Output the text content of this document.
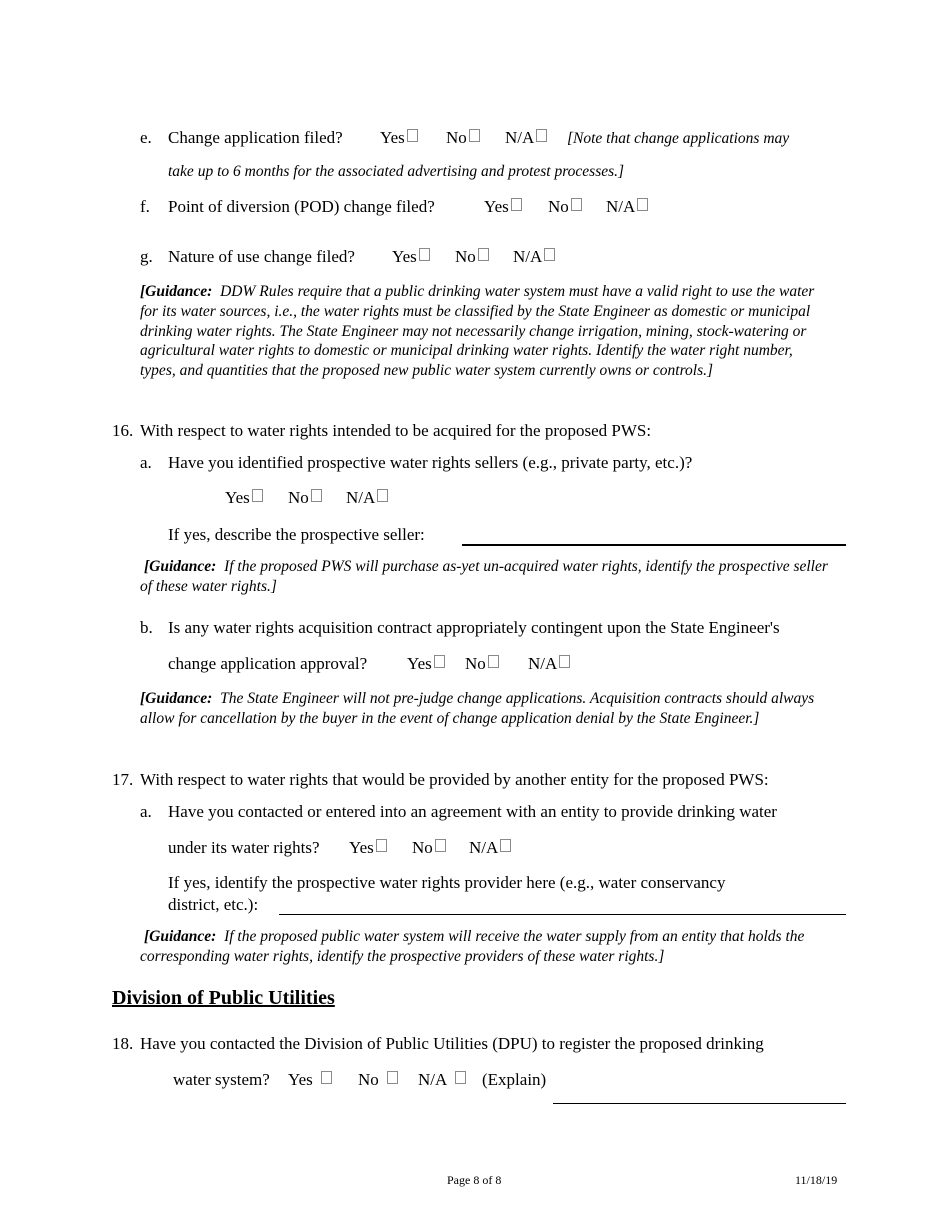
e. Change application filed? Yes	No	N/A	[Note that change applications may
take up to 6 months for the associated advertising and protest processes.]
f. Point of diversion (POD) change filed?	Yes	No	N/A
g. Nature of use change filed? Yes	No	N/A
[Guidance: DDW Rules require that a public drinking water system must have a valid right to use the water for its water sources, i.e., the water rights must be classified by the State Engineer as domestic or municipal drinking water rights. The State Engineer may not necessarily change irrigation, mining, stock-watering or agricultural water rights to domestic or municipal drinking water rights. Identify the water right number, types, and quantities that the proposed new public water system currently owns or controls.]
16. With respect to water rights intended to be acquired for the proposed PWS:
a. Have you identified prospective water rights sellers (e.g., private party, etc.)?
Yes	No	N/A
If yes, describe the prospective seller:
[Guidance: If the proposed PWS will purchase as-yet un-acquired water rights, identify the prospective seller of these water rights.]
b. Is any water rights acquisition contract appropriately contingent upon the State Engineer's
change application approval? Yes	No	N/A
[Guidance: The State Engineer will not pre-judge change applications. Acquisition contracts should always allow for cancellation by the buyer in the event of change application denial by the State Engineer.]
17. With respect to water rights that would be provided by another entity for the proposed PWS:
a. Have you contacted or entered into an agreement with an entity to provide drinking water
under its water rights? Yes	No	N/A
If yes, identify the prospective water rights provider here (e.g., water conservancy
district, etc.):
[Guidance: If the proposed public water system will receive the water supply from an entity that holds the corresponding water rights, identify the prospective providers of these water rights.]
Division of Public Utilities
18. Have you contacted the Division of Public Utilities (DPU) to register the proposed drinking
water system? Yes	No	N/A	(Explain)
Page 8 of 8	11/18/19
